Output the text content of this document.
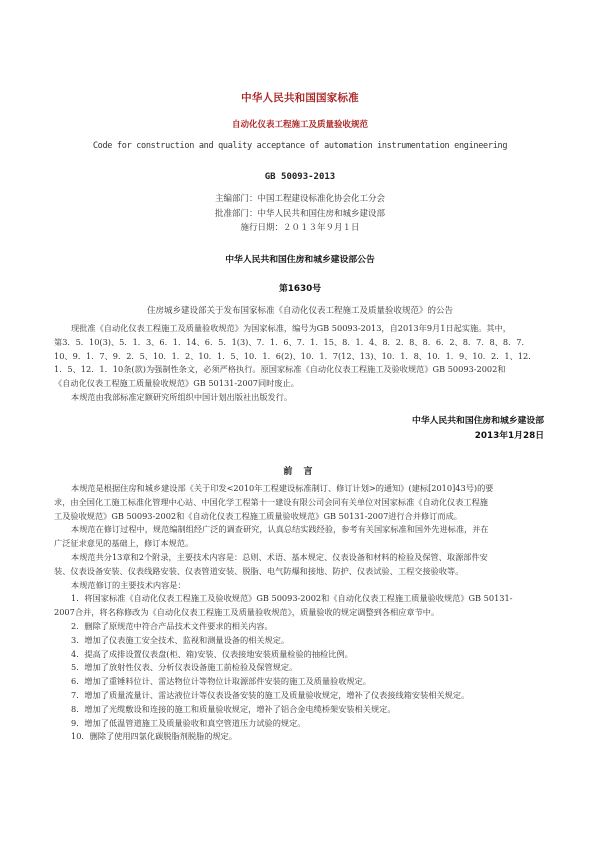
中华人民共和国国家标准
自动化仪表工程施工及质量验收规范
Code for construction and quality acceptance of automation instrumentation engineering
GB 50093-2013
主编部门：中国工程建设标准化协会化工分会
批准部门：中华人民共和国住房和城乡建设部
施行日期：２０１３年９月１日
中华人民共和国住房和城乡建设部公告
第1630号
住房城乡建设部关于发布国家标准《自动化仪表工程施工及质量验收规范》的公告
现批准《自动化仪表工程施工及质量验收规范》为国家标准，编号为GB 50093-2013，自2013年9月1日起实施。其中，
第3．5．10(3)、5．1．3、6．1．14、6．5．1(3)、7．1．6、7．1．15、8．1．4、8．2．8、8．6．2、8．7．8、8．7．
10、9．1．7、9．2．5、10．1．2、10．1．5、10．1．6(2)、10．1．7(12、13)、10．1．8、10．1．9、10．2．1、12．
1．5、12．1．10条(款)为强制性条文，必须严格执行。原国家标准《自动化仪表工程施工及验收规范》GB 50093-2002和
《自动化仪表工程施工质量验收规范》GB 50131-2007同时废止。
本规范由我部标准定额研究所组织中国计划出版社出版发行。
中华人民共和国住房和城乡建设部
2013年1月28日
前 言
本规范是根据住房和城乡建设部《关于印发<2010年工程建设标准制订、修订计划>的通知》(建标[2010]43号)的要
求，由全国化工施工标准化管理中心站、中国化学工程第十一建设有限公司会同有关单位对国家标准《自动化仪表工程施
工及验收规范》GB 50093-2002和《自动化仪表工程施工质量验收规范》GB 50131-2007进行合并修订而成。
本规范在修订过程中，规范编制组经广泛的调查研究，认真总结实践经验，参考有关国家标准和国外先进标准，并在
广泛征求意见的基础上，修订本规范。
本规范共分13章和2个附录，主要技术内容是：总则、术语、基本规定、仪表设备和材料的检验及保管、取源部件安
装、仪表设备安装、仪表线路安装、仪表管道安装、脱脂、电气防爆和接地、防护、仪表试验、工程交接验收等。
本规范修订的主要技术内容是：
1．将国家标准《自动化仪表工程施工及验收规范》GB 50093-2002和《自动化仪表工程施工质量验收规范》GB 50131-
2007合并，将名称修改为《自动化仪表工程施工及质量验收规范》，质量验收的规定调整到各相应章节中。
2．删除了原规范中符合产品技术文件要求的相关内容。
3．增加了仪表施工安全技术、监视和测量设备的相关规定。
4．提高了成排设置仪表盘(柜、箱)安装、仪表接地安装质量检验的抽检比例。
5．增加了放射性仪表、分析仪表设备施工前检验及保管规定。
6．增加了重锤料位计、雷达物位计等物位计取源部件安装的施工及质量验收规定。
7．增加了质量流量计、雷达液位计等仪表设备安装的施工及质量验收规定，增补了仪表接线箱安装相关规定。
8．增加了光缆敷设和连接的施工和质量验收规定，增补了铝合金电缆桥架安装相关规定。
9．增加了低温管道施工及质量验收和真空管道压力试验的规定。
10．删除了使用四氯化碳脱脂剂脱脂的规定。
